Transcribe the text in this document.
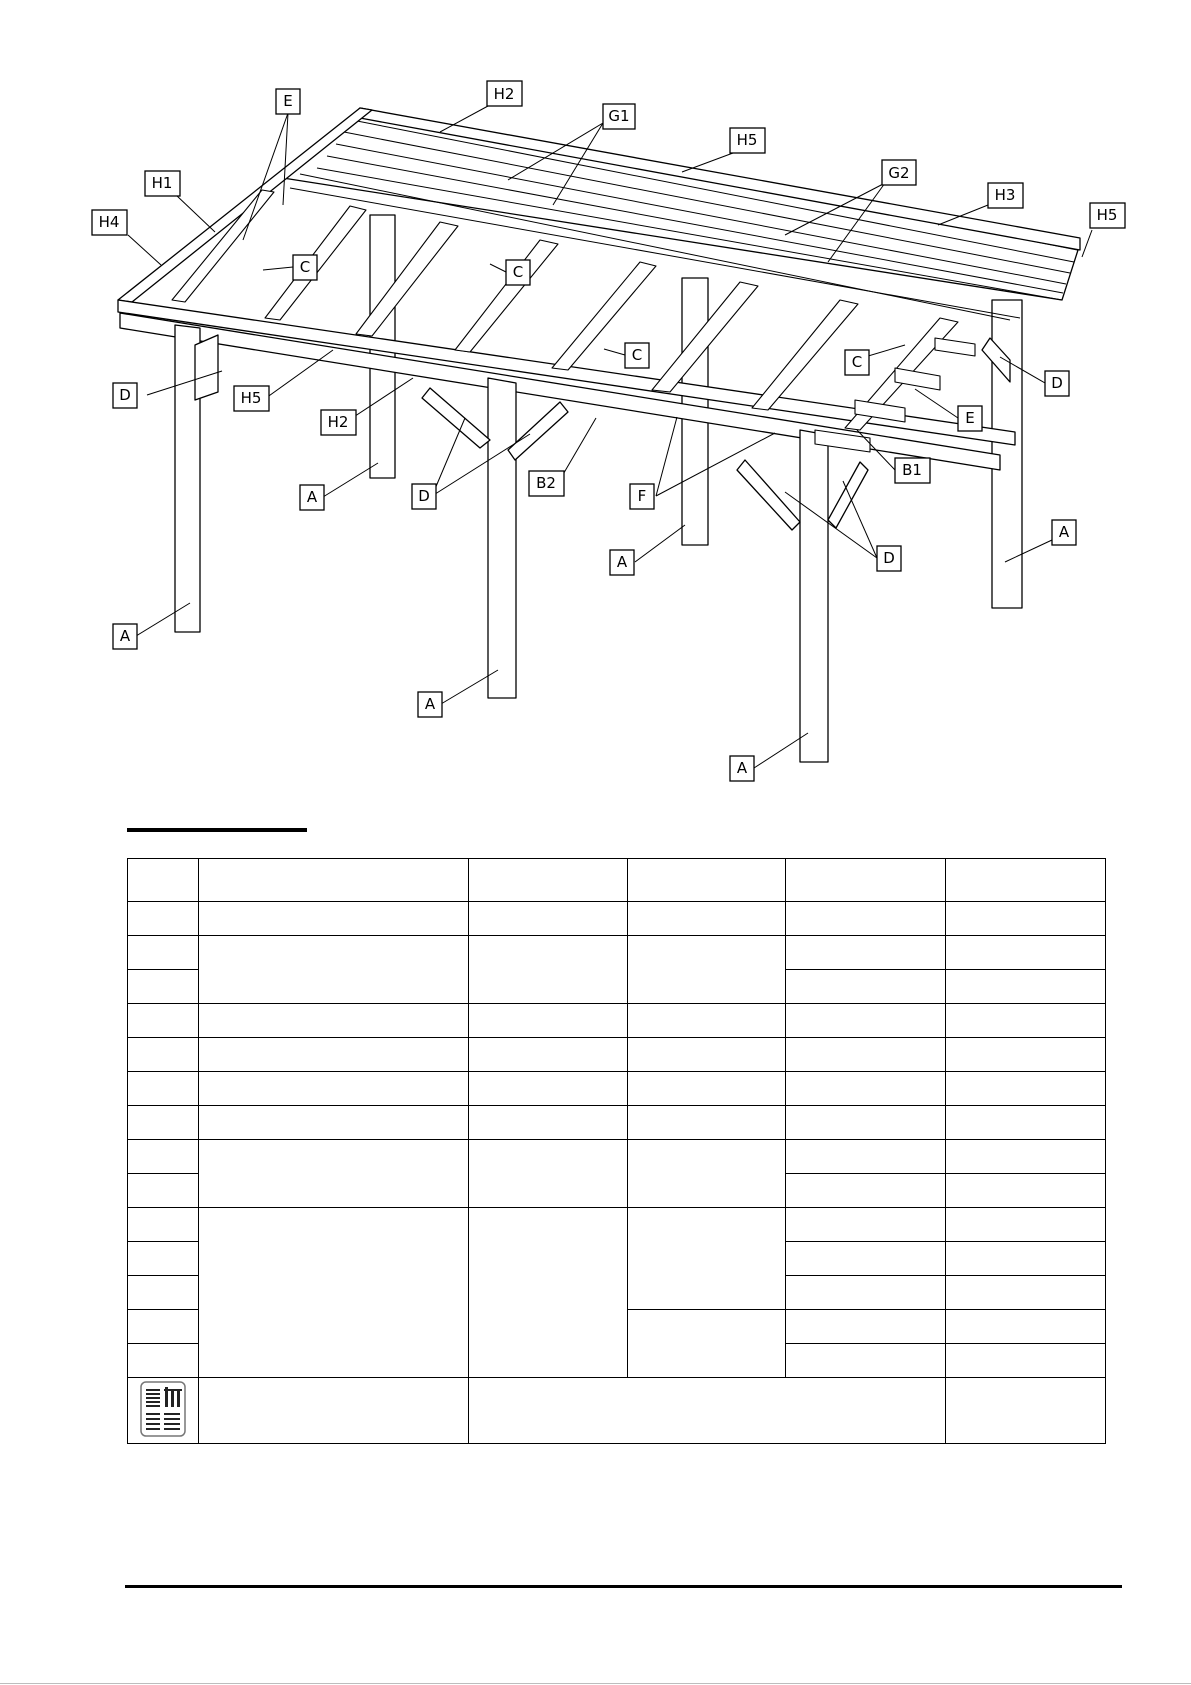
E	H2
G1
H5
G2
H3
H5
H1
H4
C	C
C	C
D	H5
H2
A	D
B2
F
A
E
B1
D
A
A
A
A
D
